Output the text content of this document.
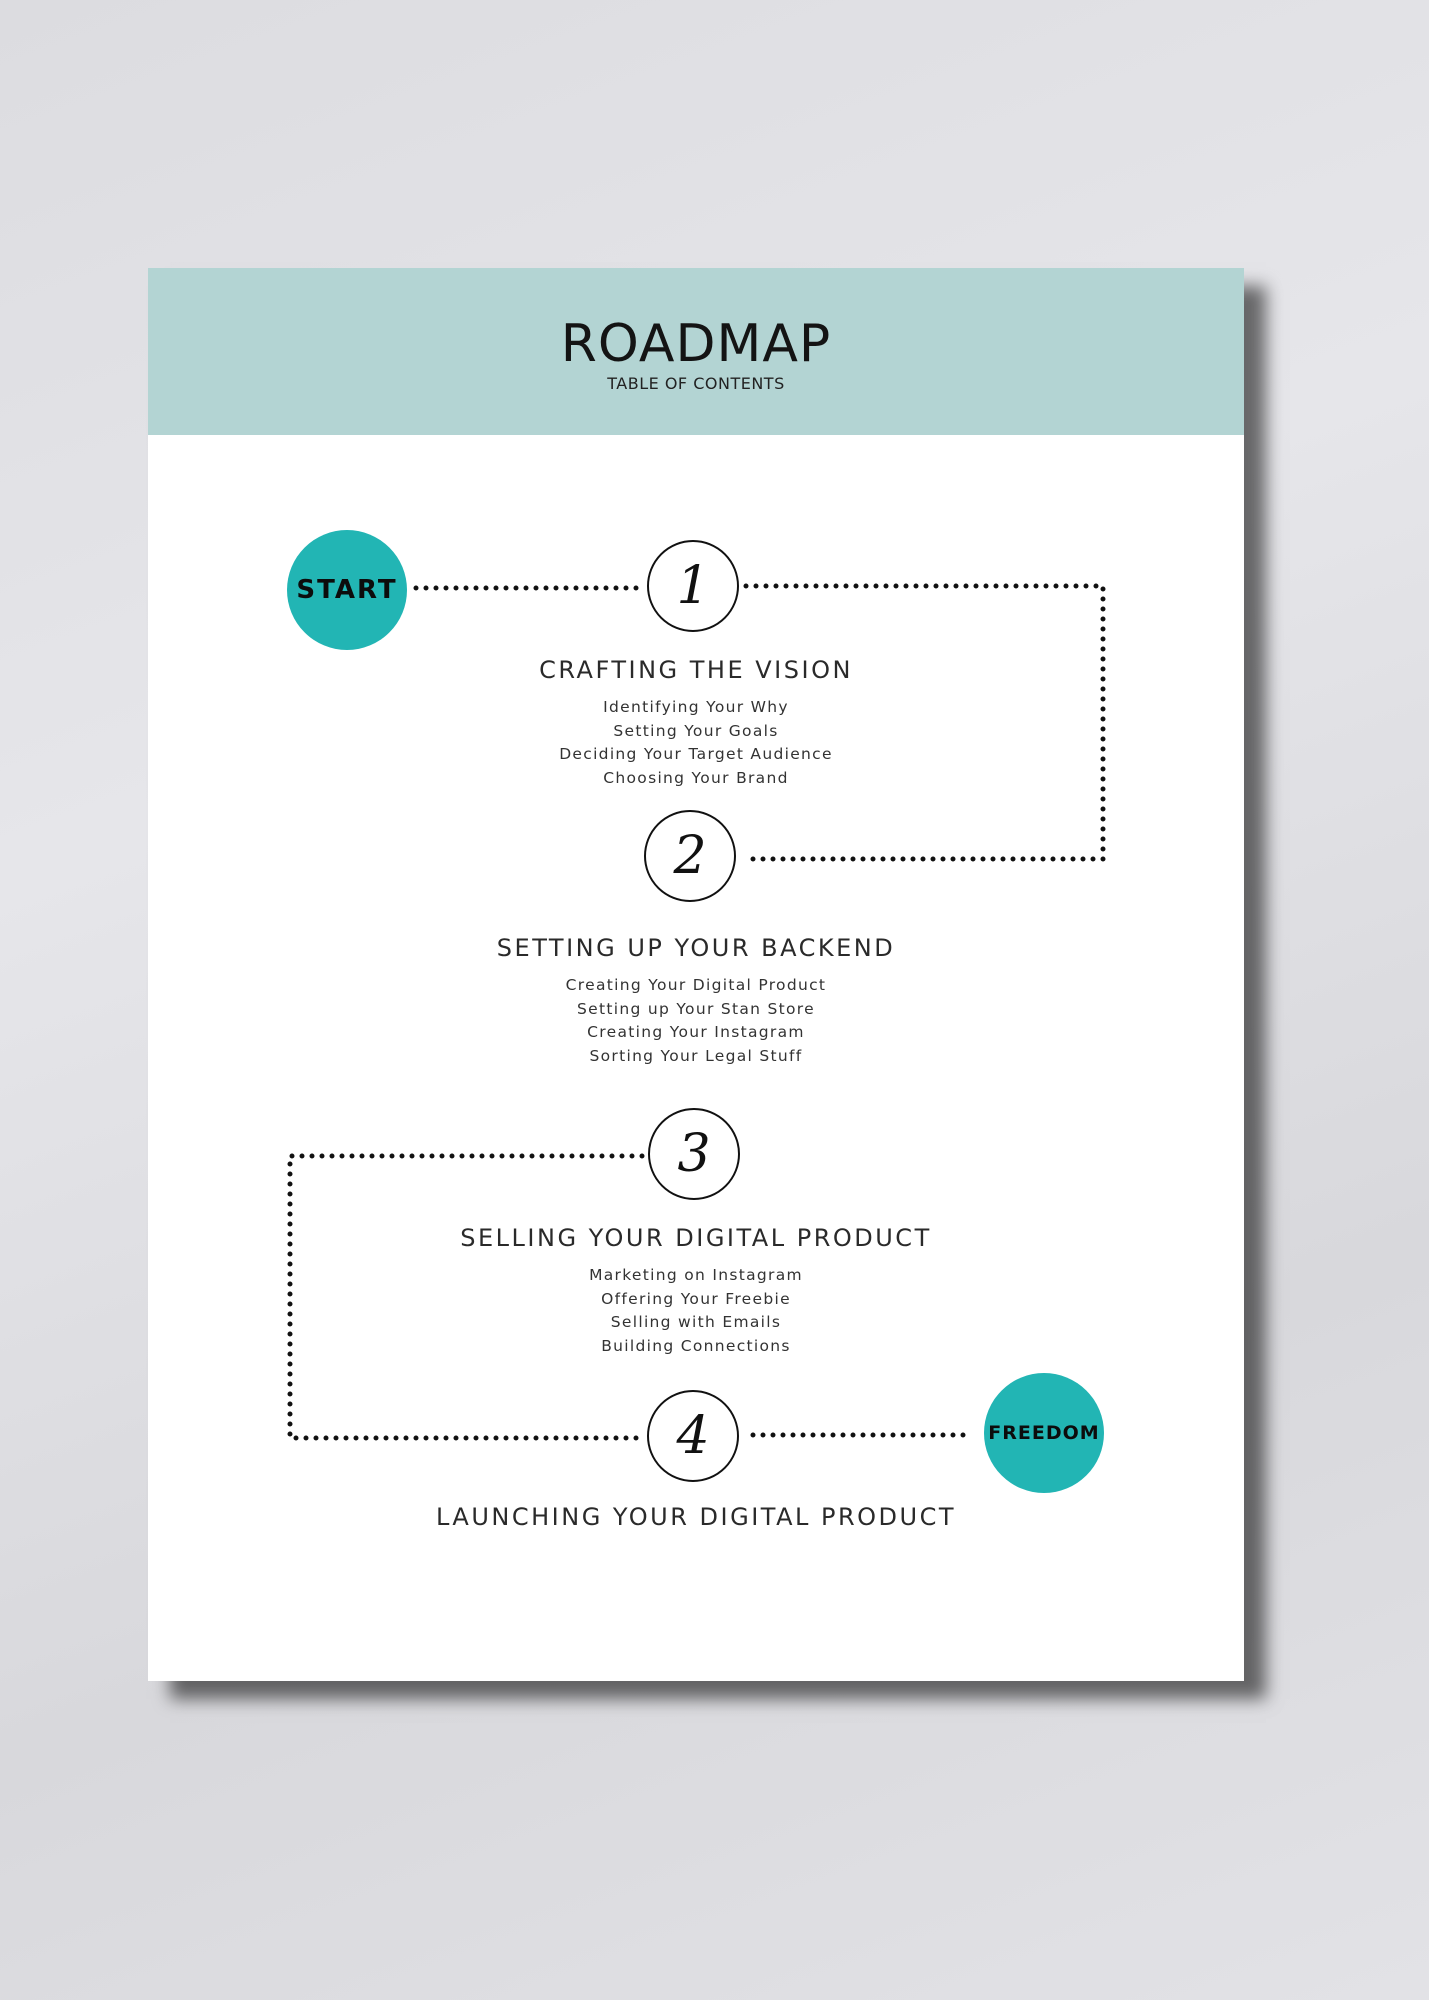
ROADMAP
TABLE OF CONTENTS
START
FREEDOM
1
2
3
4
CRAFTING THE VISION
Identifying Your Why
Setting Your Goals
Deciding Your Target Audience
Choosing Your Brand
SETTING UP YOUR BACKEND
Creating Your Digital Product
Setting up Your Stan Store
Creating Your Instagram
Sorting Your Legal Stuff
SELLING YOUR DIGITAL PRODUCT
Marketing on Instagram
Offering Your Freebie
Selling with Emails
Building Connections
LAUNCHING YOUR DIGITAL PRODUCT
